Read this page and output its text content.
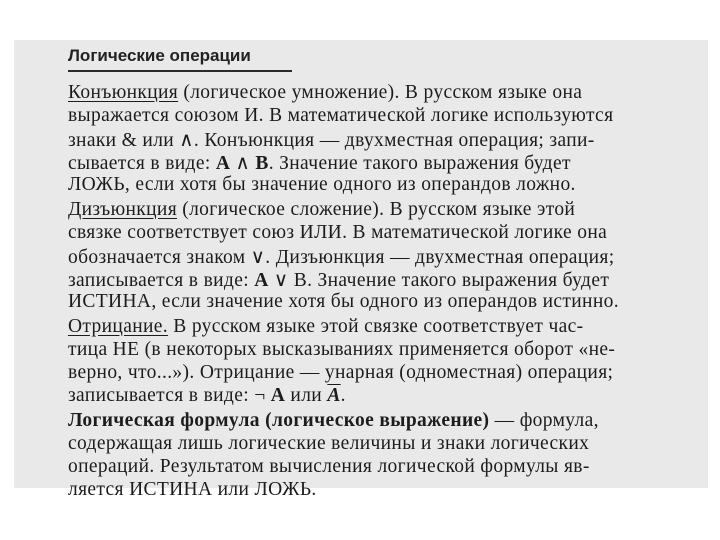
Логические операции
Конъюнкция (логическое умножение). В русском языке она
выражается союзом И. В математической логике используются
знаки & или ∧. Конъюнкция — двухместная операция; запи-
сывается в виде: А ∧ В. Значение такого выражения будет
ЛОЖЬ, если хотя бы значение одного из операндов ложно.
Дизъюнкция (логическое сложение). В русском языке этой
связке соответствует союз ИЛИ. В математической логике она
обозначается знаком ∨. Дизъюнкция — двухместная операция;
записывается в виде: А ∨ В. Значение такого выражения будет
ИСТИНА, если значение хотя бы одного из операндов истинно.
Отрицание. В русском языке этой связке соответствует час-
тица НЕ (в некоторых высказываниях применяется оборот «не-
верно, что...»). Отрицание — унарная (одноместная) операция;
записывается в виде: ¬ А или $\overline{A}$.
Логическая формула (логическое выражение) — формула,
содержащая лишь логические величины и знаки логических
операций. Результатом вычисления логической формулы яв-
ляется ИСТИНА или ЛОЖЬ.
